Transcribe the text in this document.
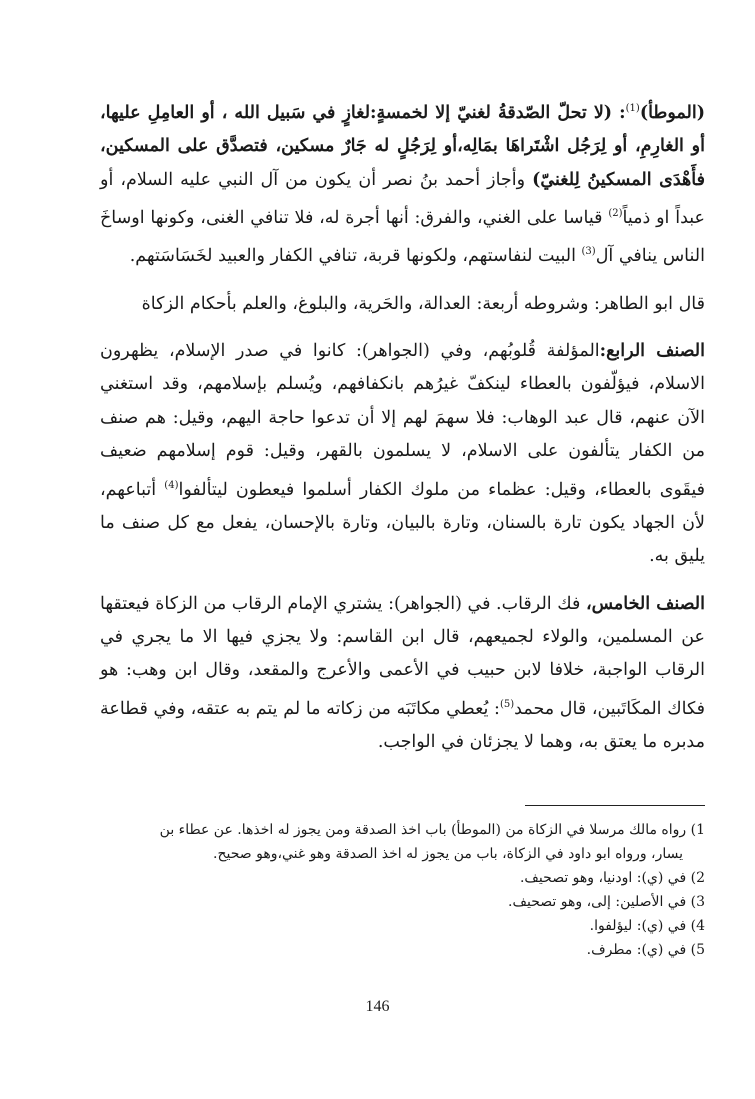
(الموطأ)$^{(1)}$: (لا تحلّ الصّدقةُ لغنيّ إلا لخمسةٍ:لغازٍ في سَبيل الله ، أو العامِلِ عليها، أو الغارِمِ، أو لِرَجُل اشْتَراهَا بمَالِه،أو لِرَجُلٍ له جَارٌ مسكين، فتصدَّق على المسكين، فأَهْدَى المسكينُ لِلغنيّ) وأجاز أحمد بنُ نصر أن يكون من آل النبي عليه السلام، أو عبداً او ذمياً$^{(2)}$ قياسا على الغني، والفرق: أنها أجرة له، فلا تنافي الغنى، وكونها اوساخَ الناس ينافي آل$^{(3)}$ البيت لنفاستهم، ولكونها قربة، تنافي الكفار والعبيد لخَسَاسَتهم.

قال ابو الطاهر: وشروطه أربعة: العدالة، والحَرية، والبلوغ، والعلم بأحكام الزكاة

الصنف الرابع:المؤلفة قُلوبُهم، وفي (الجواهر): كانوا في صدر الإسلام، يظهرون الاسلام، فيؤلّفون بالعطاء لينكفّ غيرُهم بانكفافهم، ويُسلم بإسلامهم، وقد استغني الآن عنهم، قال عبد الوهاب: فلا سهمَ لهم إلا أن تدعوا حاجة اليهم، وقيل: هم صنف من الكفار يتألفون على الاسلام، لا يسلمون بالقهر، وقيل: قوم إسلامهم ضعيف فيقَوى بالعطاء، وقيل: عظماء من ملوك الكفار أسلموا فيعطون ليتألفوا$^{(4)}$ أتباعهم، لأن الجهاد يكون تارة بالسنان، وتارة بالبيان، وتارة بالإحسان، يفعل مع كل صنف ما يليق به.

الصنف الخامس، فك الرقاب. في (الجواهر): يشتري الإمام الرقاب من الزكاة فيعتقها عن المسلمين، والولاء لجميعهم، قال ابن القاسم: ولا يجزي فيها الا ما يجري في الرقاب الواجبة، خلافا لابن حبيب في الأعمى والأعرج والمقعد، وقال ابن وهب: هو فكاك المكَاتَبين، قال محمد$^{(5)}$: يُعطي مكاتَبَه من زكاته ما لم يتم به عتقه، وفي قطاعة مدبره ما يعتق به، وهما لا يجزئان في الواجب.

1) رواه مالك مرسلا في الزكاة من (الموطأ) باب اخذ الصدقة ومن يجوز له اخذها. عن عطاء بن
يسار، ورواه ابو داود في الزكاة، باب من يجوز له اخذ الصدقة وهو غني،وهو صحيح.
2) في (ي): اودنيا، وهو تصحيف.
3) في الأصلين: إلى، وهو تصحيف.
4) في (ي): ليؤلفوا.
5) في (ي): مطرف.
146
